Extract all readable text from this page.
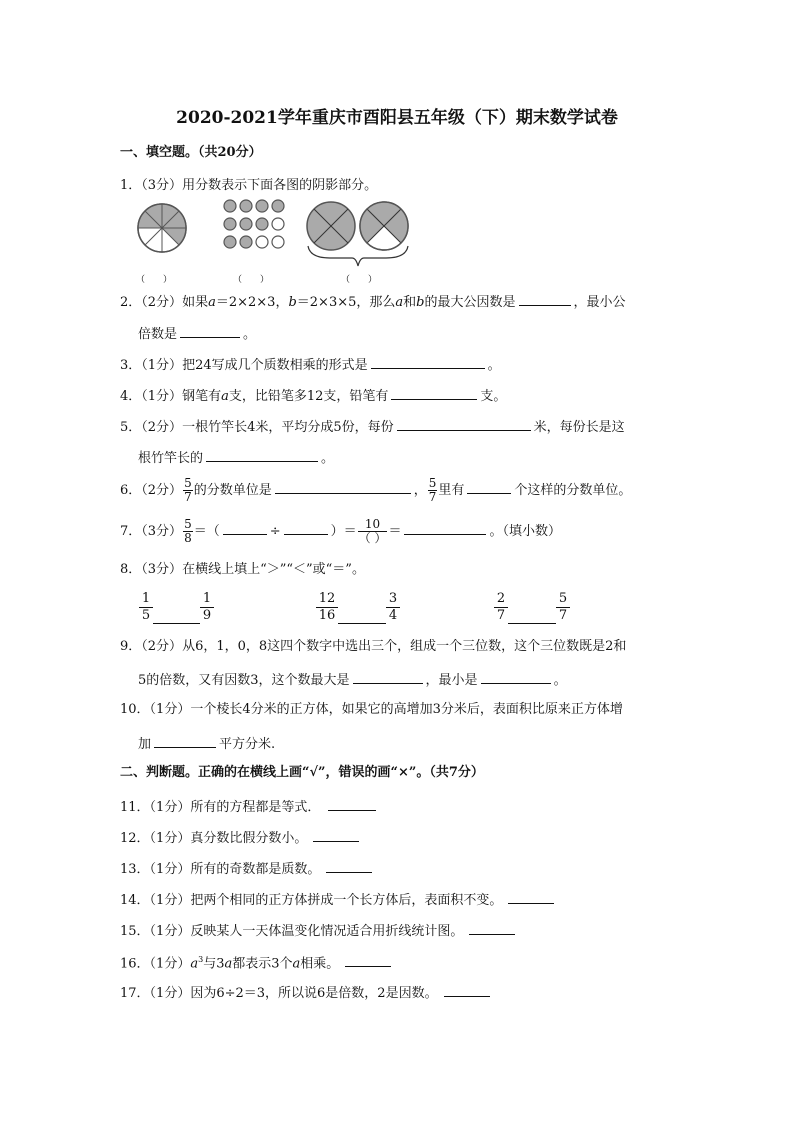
2020-2021学年重庆市酉阳县五年级（下）期末数学试卷
一、填空题。（共20分）
1．（3分）用分数表示下面各图的阴影部分。
（　　）	（　　）	（　　）
2．（2分）如果a＝2×2×3，b＝2×3×5，那么a和b的最大公因数是	，最小公
倍数是	。
3．（1分）把24写成几个质数相乘的形式是	。
4．（1分）钢笔有a支，比铅笔多12支，铅笔有	支。
5．（2分）一根竹竿长4米，平均分成5份，每份	米，每份长是这
根竹竿长的	。
6．（2分） $\frac{5}{7}$ 的分数单位是	， $\frac{5}{7}$ 里有	个这样的分数单位。
7．（3分） $\frac{5}{8}$ ＝（	÷	）＝ $\frac{10}{( )}$ ＝	。（填小数）
8．（3分）在横线上填上“＞”“＜”或“＝”。
1
5
1
9
12
16
3
4
2
7
5
7
9．（2分）从6，1，0，8这四个数字中选出三个，组成一个三位数，这个三位数既是2和
5的倍数，又有因数3，这个数最大是	，最小是	。
10．（1分）一个棱长4分米的正方体，如果它的高增加3分米后，表面积比原来正方体增
加	平方分米.
二、判断题。正确的在横线上画“√”，错误的画“×”。（共7分）
11．（1分）所有的方程都是等式．
12．（1分）真分数比假分数小。
13．（1分）所有的奇数都是质数。
14．（1分）把两个相同的正方体拼成一个长方体后，表面积不变。
15．（1分）反映某人一天体温变化情况适合用折线统计图。
16．（1分）$a^3$与3a都表示3个a相乘。
17．（1分）因为6÷2＝3，所以说6是倍数，2是因数。
